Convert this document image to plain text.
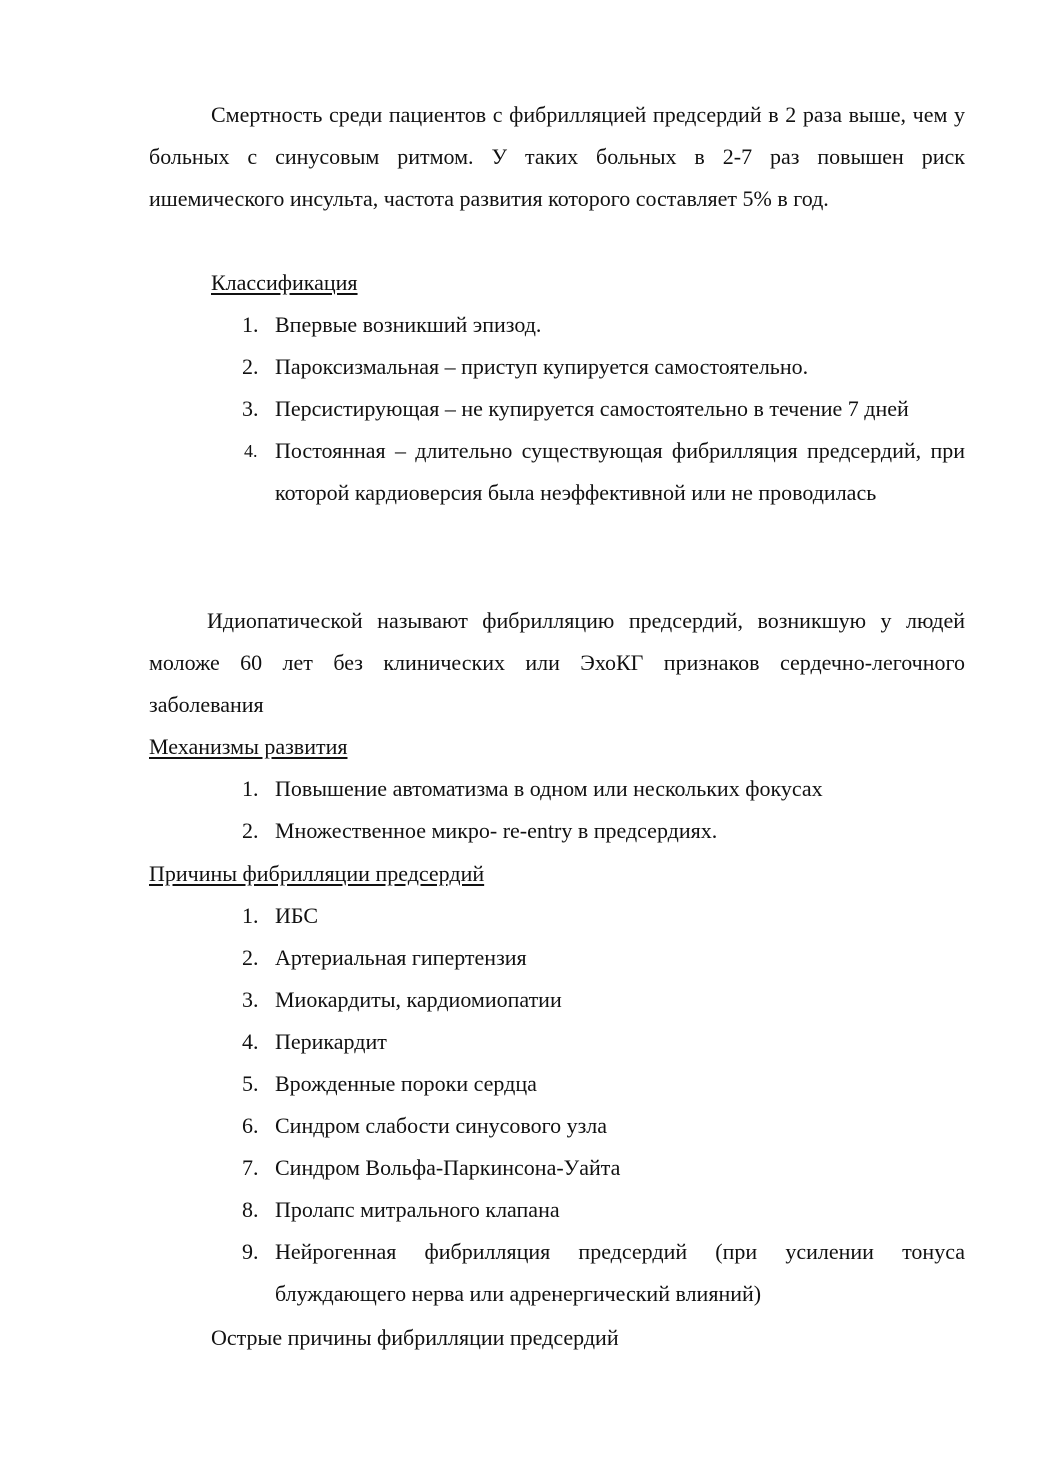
Смертность среди пациентов с фибрилляцией предсердий в 2 раза выше, чем у больных с синусовым ритмом. У таких больных в 2-7 раз повышен риск ишемического инсульта, частота развития которого составляет 5% в год.

Классификация

1. Впервые возникший эпизод.
2. Пароксизмальная – приступ купируется самостоятельно.
3. Персистирующая – не купируется самостоятельно в течение 7 дней
4. Постоянная – длительно существующая фибрилляция предсердий, при которой кардиоверсия была неэффективной или не проводилась

Идиопатической называют фибрилляцию предсердий, возникшую у людей моложе 60 лет без клинических или ЭхоКГ признаков сердечно-легочного заболевания

Механизмы развития

1. Повышение автоматизма в одном или нескольких фокусах
2. Множественное микро- re-entry в предсердиях.

Причины фибрилляции предсердий

1. ИБС
2. Артериальная гипертензия
3. Миокардиты, кардиомиопатии
4. Перикардит
5. Врожденные пороки сердца
6. Синдром слабости синусового узла
7. Синдром Вольфа-Паркинсона-Уайта
8. Пролапс митрального клапана
9. Нейрогенная фибрилляция предсердий (при усилении тонуса блуждающего нерва или адренергический влияний)

Острые причины фибрилляции предсердий
